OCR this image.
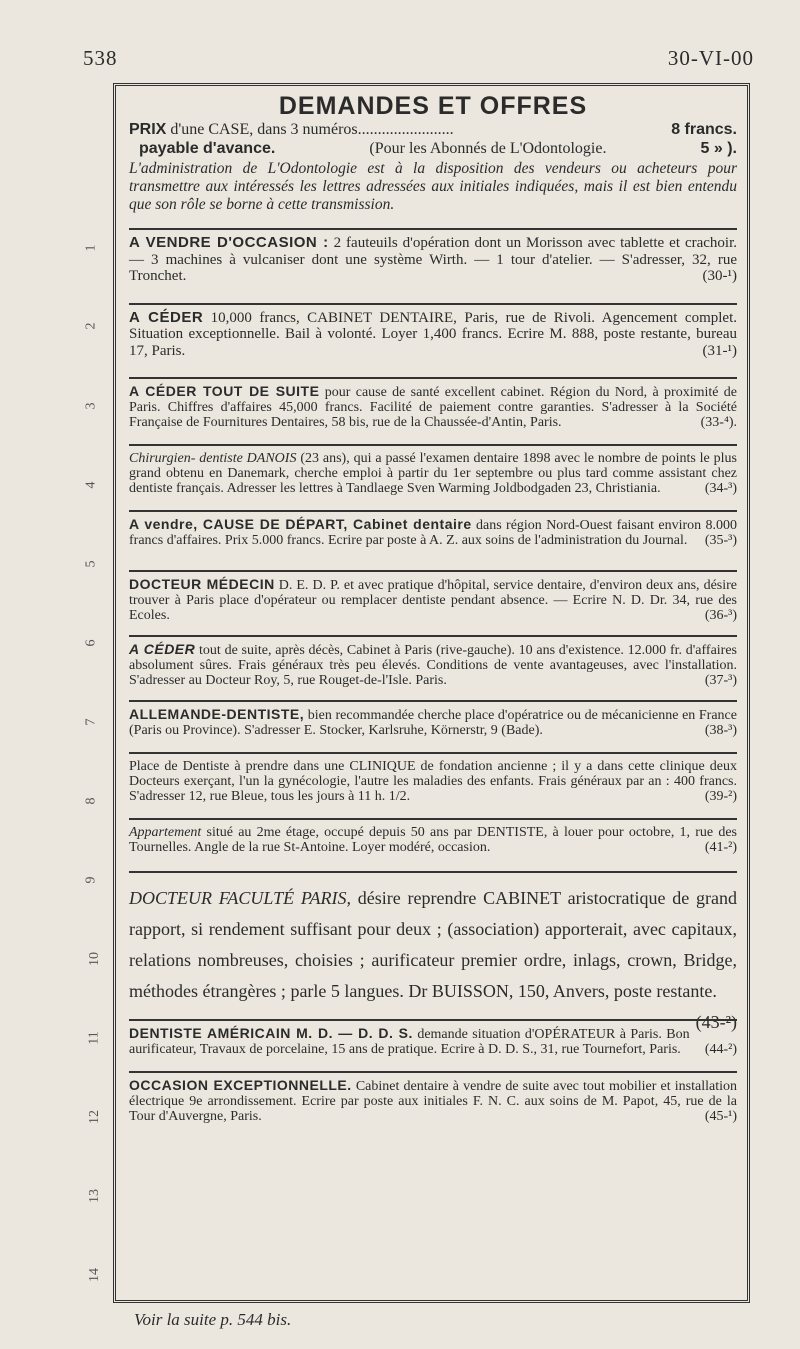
538	30-VI-00
DEMANDES ET OFFRES
PRIX d'une CASE, dans 3 numéros........................	8 francs.
payable d'avance.	(Pour les Abonnés de L'Odontologie.	5 » ).
L'administration de L'Odontologie est à la disposition des vendeurs ou acheteurs pour transmettre aux intéressés les lettres adressées aux initiales indiquées, mais il est bien entendu que son rôle se borne à cette transmission.
A VENDRE D'OCCASION : 2 fauteuils d'opération dont un Morisson avec tablette et crachoir. — 3 machines à vulcaniser dont une système Wirth. — 1 tour d'atelier. — S'adresser, 32, rue Tronchet.	(30-¹)
A CÉDER 10,000 francs, CABINET DENTAIRE, Paris, rue de Rivoli. Agencement complet. Situation exceptionnelle. Bail à volonté. Loyer 1,400 francs. Ecrire M. 888, poste restante, bureau 17, Paris.	(31-¹)
A CÉDER TOUT DE SUITE pour cause de santé excellent cabinet. Région du Nord, à proximité de Paris. Chiffres d'affaires 45,000 francs. Facilité de paiement contre garanties. S'adresser à la Société Française de Fournitures Dentaires, 58 bis, rue de la Chaussée-d'Antin, Paris.	(33-⁴).
Chirurgien- dentiste DANOIS (23 ans), qui a passé l'examen dentaire 1898 avec le nombre de points le plus grand obtenu en Danemark, cherche emploi à partir du 1er septembre ou plus tard comme assistant chez dentiste français. Adresser les lettres à Tandlaege Sven Warming Joldbodgaden 23, Christiania.	(34-³)
A vendre, CAUSE DE DÉPART, Cabinet dentaire dans région Nord-Ouest faisant environ 8.000 francs d'affaires. Prix 5.000 francs. Ecrire par poste à A. Z. aux soins de l'administration du Journal. (35-³)
DOCTEUR MÉDECIN D. E. D. P. et avec pratique d'hôpital, service dentaire, d'environ deux ans, désire trouver à Paris place d'opérateur ou remplacer dentiste pendant absence. — Ecrire N. D. Dr. 34, rue des Ecoles.	(36-³)
A CÉDER tout de suite, après décès, Cabinet à Paris (rive-gauche). 10 ans d'existence. 12.000 fr. d'affaires absolument sûres. Frais généraux très peu élevés. Conditions de vente avantageuses, avec l'installation. S'adresser au Docteur Roy, 5, rue Rouget-de-l'Isle. Paris.	(37-³)
ALLEMANDE-DENTISTE, bien recommandée cherche place d'opératrice ou de mécanicienne en France (Paris ou Province). S'adresser E. Stocker, Karlsruhe, Körnerstr, 9 (Bade).	(38-³)
Place de Dentiste à prendre dans une CLINIQUE de fondation ancienne ; il y a dans cette clinique deux Docteurs exerçant, l'un la gynécologie, l'autre les maladies des enfants. Frais généraux par an : 400 francs. S'adresser 12, rue Bleue, tous les jours à 11 h. 1/2.	(39-²)
Appartement situé au 2me étage, occupé depuis 50 ans par DENTISTE, à louer pour octobre, 1, rue des Tournelles. Angle de la rue St-Antoine. Loyer modéré, occasion.	(41-²)
DOCTEUR FACULTÉ PARIS, désire reprendre CABINET aristocratique de grand rapport, si rendement suffisant pour deux ; (association) apporterait, avec capitaux, relations nombreuses, choisies ; aurificateur premier ordre, inlags, crown, Bridge, méthodes étrangères ; parle 5 langues. Dr BUISSON, 150, Anvers, poste restante.
(43-²)
DENTISTE AMÉRICAIN M. D. — D. D. S. demande situation d'OPÉRATEUR à Paris. Bon aurificateur, Travaux de porcelaine, 15 ans de pratique. Ecrire à D. D. S., 31, rue Tournefort, Paris. (44-²)
OCCASION EXCEPTIONNELLE. Cabinet dentaire à vendre de suite avec tout mobilier et installation électrique 9e arrondissement. Ecrire par poste aux initiales F. N. C. aux soins de M. Papot, 45, rue de la Tour d'Auvergne, Paris.	(45-¹)
1
2
3
4
5
6
7
8
9
10
11
12
13
14
Voir la suite p. 544 bis.
